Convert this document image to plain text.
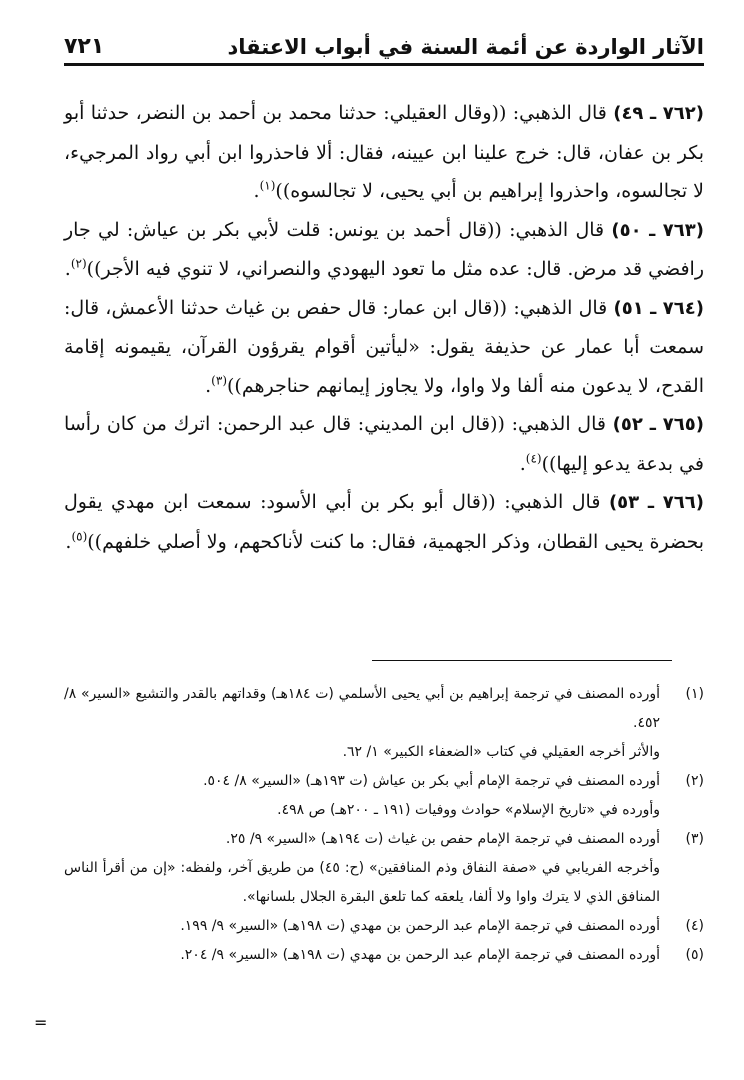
الآثار الواردة عن أئمة السنة في أبواب الاعتقاد
٧٢١

(٧٦٢ ـ ٤٩) قال الذهبي: ((وقال العقيلي: حدثنا محمد بن أحمد بن النضر، حدثنا أبو بكر بن عفان، قال: خرج علينا ابن عيينه، فقال: ألا فاحذروا ابن أبي رواد المرجيء، لا تجالسوه، واحذروا إبراهيم بن أبي يحيى، لا تجالسوه))$^{(١)}$.

(٧٦٣ ـ ٥٠) قال الذهبي: ((قال أحمد بن يونس: قلت لأبي بكر بن عياش: لي جار رافضي قد مرض. قال: عده مثل ما تعود اليهودي والنصراني، لا تنوي فيه الأجر))$^{(٢)}$.

(٧٦٤ ـ ٥١) قال الذهبي: ((قال ابن عمار: قال حفص بن غياث حدثنا الأعمش، قال: سمعت أبا عمار عن حذيفة يقول: «ليأتين أقوام يقرؤون القرآن، يقيمونه إقامة القدح، لا يدعون منه ألفا ولا واوا، ولا يجاوز إيمانهم حناجرهم))$^{(٣)}$.

(٧٦٥ ـ ٥٢) قال الذهبي: ((قال ابن المديني: قال عبد الرحمن: اترك من كان رأسا في بدعة يدعو إليها))$^{(٤)}$.

(٧٦٦ ـ ٥٣) قال الذهبي: ((قال أبو بكر بن أبي الأسود: سمعت ابن مهدي يقول بحضرة يحيى القطان، وذكر الجهمية، فقال: ما كنت لأناكحهم، ولا أصلي خلفهم))$^{(٥)}$.

(١)
أورده المصنف في ترجمة إبراهيم بن أبي يحيى الأسلمي (ت ١٨٤هـ) وقداتهم بالقدر والتشيع «السير» ٨/ ٤٥٢.
والأثر أخرجه العقيلي في كتاب «الضعفاء الكبير» ١/ ٦٢.
(٢)
أورده المصنف في ترجمة الإمام أبي بكر بن عياش (ت ١٩٣هـ) «السير» ٨/ ٥٠٤.
وأورده في «تاريخ الإسلام» حوادث ووفيات (١٩١ ـ ٢٠٠هـ) ص ٤٩٨.
(٣)
أورده المصنف في ترجمة الإمام حفص بن غياث (ت ١٩٤هـ) «السير» ٩/ ٢٥.
وأخرجه الفريابي في «صفة النفاق وذم المنافقين» (ح: ٤٥) من طريق آخر، ولفظه: «إن من أقرأ الناس المنافق الذي لا يترك واوا ولا ألفا، يلعقه كما تلعق البقرة الجلال بلسانها».
(٤)
أورده المصنف في ترجمة الإمام عبد الرحمن بن مهدي (ت ١٩٨هـ) «السير» ٩/ ١٩٩.
(٥)
أورده المصنف في ترجمة الإمام عبد الرحمن بن مهدي (ت ١٩٨هـ) «السير» ٩/ ٢٠٤.
=
